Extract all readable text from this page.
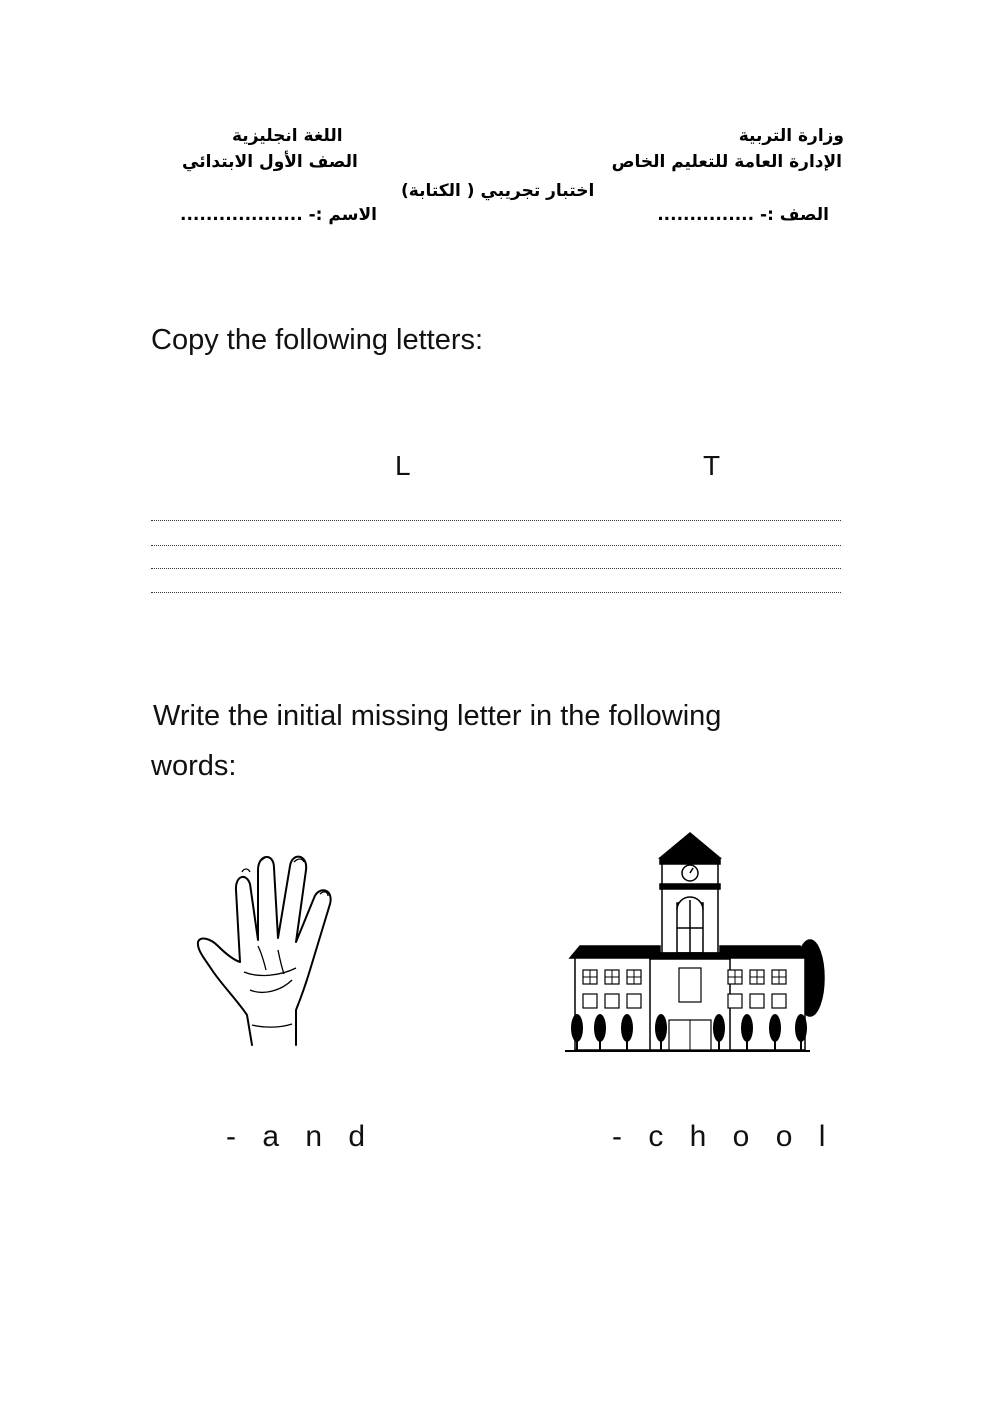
وزارة التربية
الإدارة العامة للتعليم الخاص
الصف :- ...............
اللغة انجليزية
الصف الأول الابتدائي
الاسم :- ...................
اختبار تجريبي ( الكتابة)
Copy the following letters:
L	T
Write the initial missing letter in the following
words:
- a n d	- c h o o l
